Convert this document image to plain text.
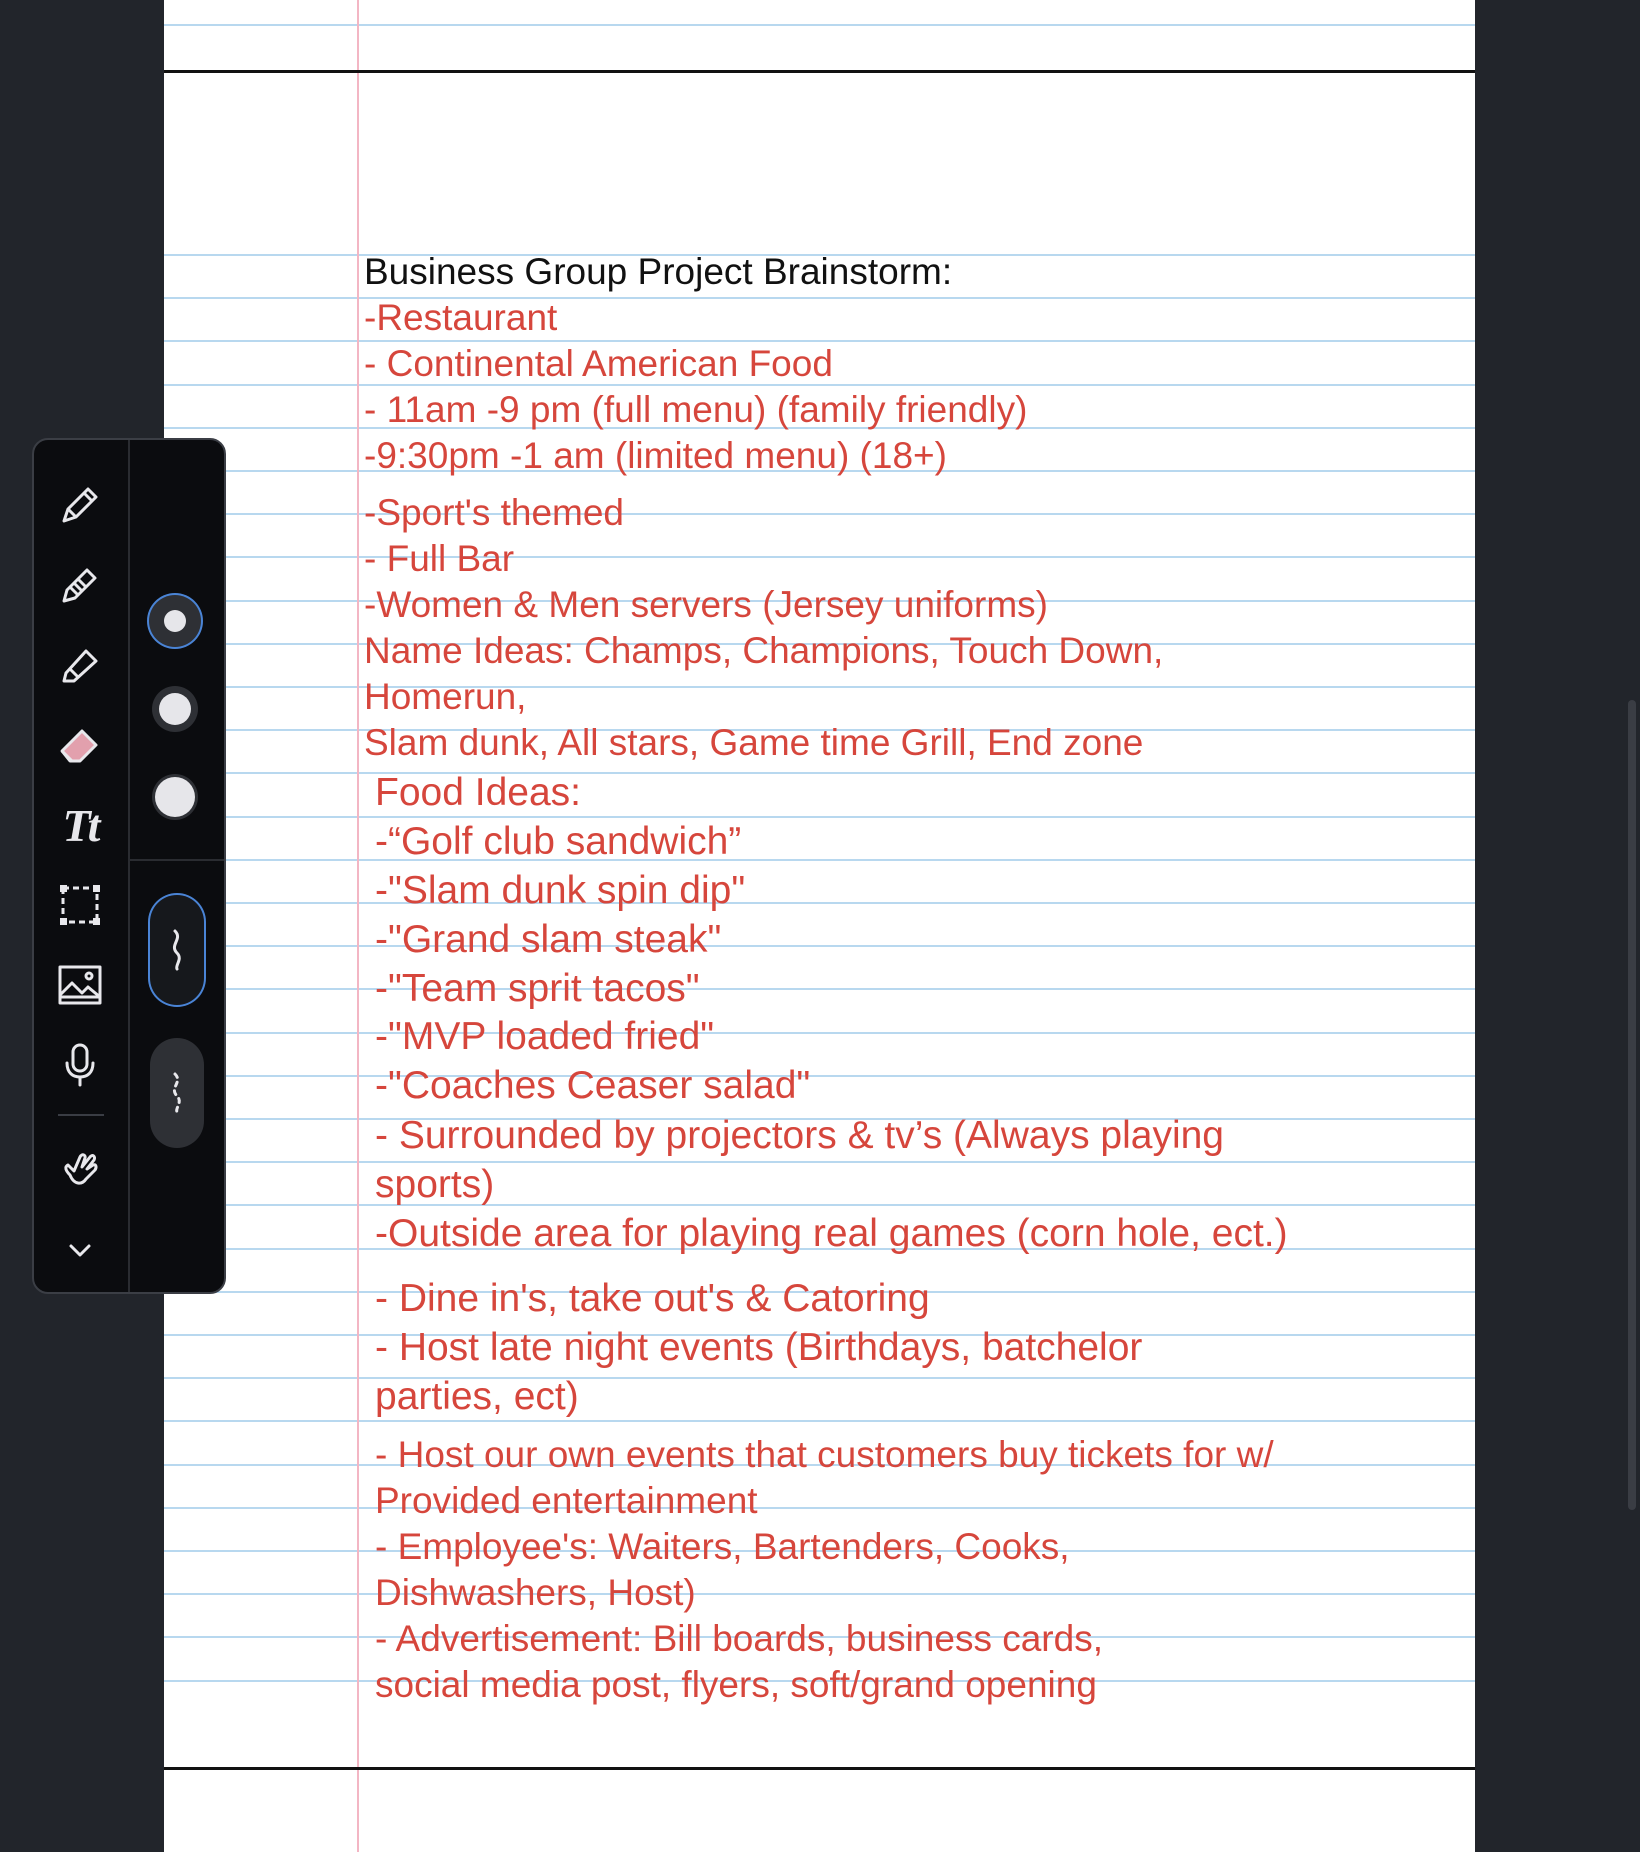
Business Group Project Brainstorm:

-Restaurant

- Continental American Food

- 11am -9 pm (full menu) (family friendly)

-9:30pm -1 am (limited menu) (18+)

-Sport's themed

- Full Bar

-Women & Men servers (Jersey uniforms)

Name Ideas: Champs, Champions, Touch Down,

Homerun,

Slam dunk, All stars, Game time Grill, End zone

Food Ideas:

-“Golf club sandwich”

-"Slam dunk spin dip"

-"Grand slam steak"

-"Team sprit tacos"

-"MVP loaded fried"

-"Coaches Ceaser salad"

- Surrounded by projectors & tv’s (Always playing

sports)

-Outside area for playing real games (corn hole, ect.)

- Dine in's, take out's & Catoring

- Host late night events (Birthdays, batchelor

parties, ect)

- Host our own events that customers buy tickets for w/

Provided entertainment

- Employee's: Waiters, Bartenders, Cooks,

Dishwashers, Host)

- Advertisement: Bill boards, business cards,

social media post, flyers, soft/grand opening

Tt
